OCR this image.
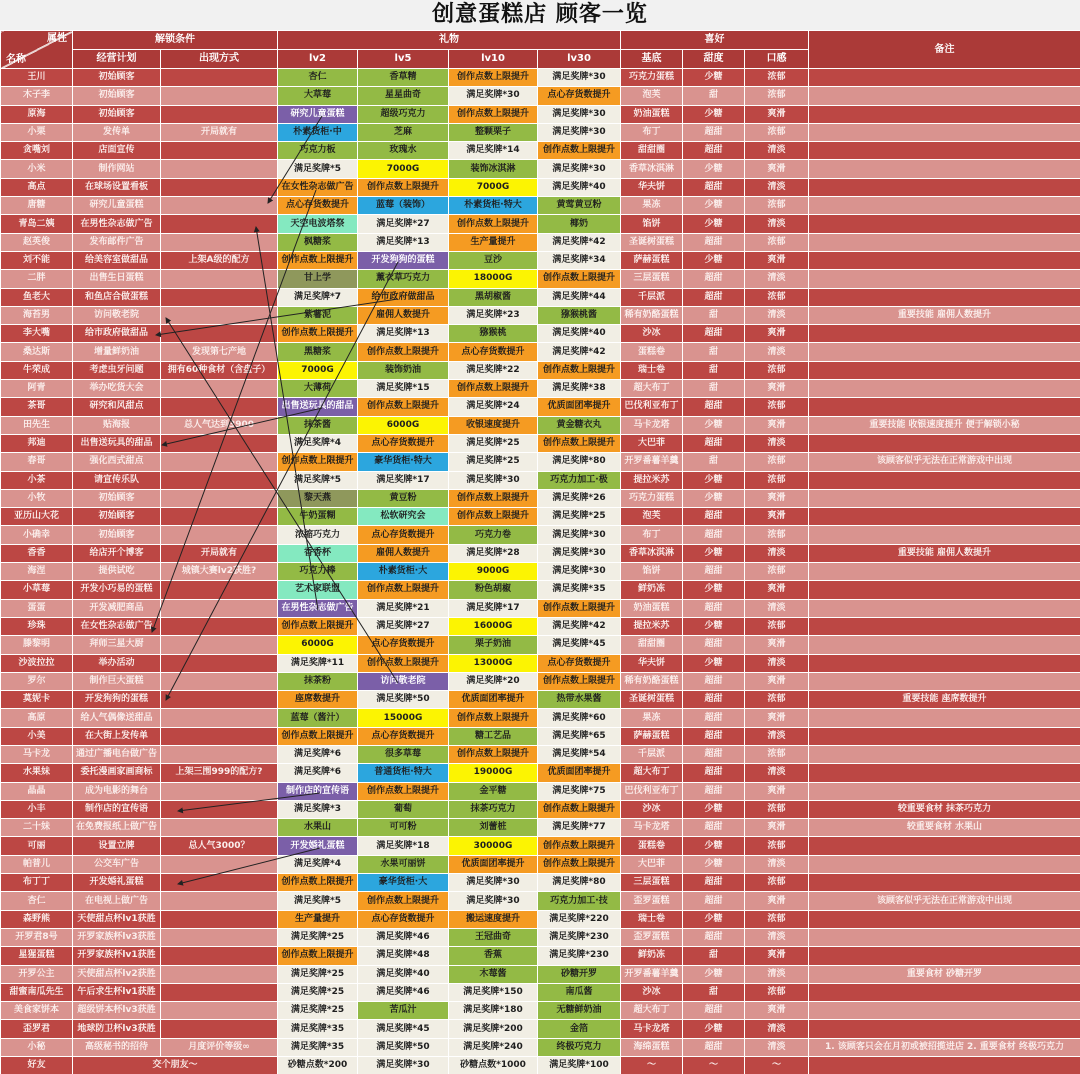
创意蛋糕店 顾客一览
属性
名称	解锁条件		礼物				喜好			备注
	经营计划	出现方式	lv2	lv5	lv10	lv30	基底	甜度	口感	
王川	初始顾客		杏仁	香草精	创作点数上限提升	满足奖牌*30	巧克力蛋糕	少糖	浓郁	
木子李	初始顾客		大草莓	星星曲奇	满足奖牌*30	点心存货数提升	泡芙	甜	浓郁	
原海	初始顾客		研究儿童蛋糕	超级巧克力	创作点数上限提升	满足奖牌*30	奶油蛋糕	少糖	爽滑	
小栗	发传单	开局就有	朴素货柜·中	芝麻	整颗栗子	满足奖牌*30	布丁	超甜	浓郁	
贪嘴刘	店面宣传		巧克力板	玫瑰水	满足奖牌*14	创作点数上限提升	甜甜圈	超甜	清淡	
小米	制作网站		满足奖牌*5	7000G	装饰冰淇淋	满足奖牌*30	香草冰淇淋	少糖	爽滑	
高点	在球场设置看板		在女性杂志做广告	创作点数上限提升	7000G	满足奖牌*40	华夫饼	超甜	清淡	
唐糖	研究儿童蛋糕		点心存货数提升	蓝莓（装饰）	朴素货柜·特大	黄莺黄豆粉	果冻	少糖	浓郁	
青岛二姨	在男性杂志做广告		天空电波塔祭	满足奖牌*27	创作点数上限提升	椰奶	馅饼	少糖	清淡	
赵英俊	发布邮件广告		枫糖浆	满足奖牌*13	生产量提升	满足奖牌*42	圣诞树蛋糕	超甜	浓郁	
刘不能	给美容室做甜品	上架A级的配方	创作点数上限提升	开发狗狗的蛋糕	豆沙	满足奖牌*34	萨赫蛋糕	少糖	爽滑	
二胖	出售生日蛋糕		甘上学	薰衣草巧克力	18000G	创作点数上限提升	三层蛋糕	超甜	清淡	
鱼老大	和鱼店合做蛋糕		满足奖牌*7	给市政府做甜品	黑胡椒酱	满足奖牌*44	千层派	超甜	浓郁	
海苔男	访问敬老院		紫薯泥	雇佣人数提升	满足奖牌*23	猕猴桃酱	稀有奶酪蛋糕	甜	清淡	重要技能 雇佣人数提升
李大嘴	给市政府做甜品		创作点数上限提升	满足奖牌*13	猕猴桃	满足奖牌*40	沙冰	超甜	爽滑	
桑达斯	增量鲜奶油	发现第七产地	黑糖浆	创作点数上限提升	点心存货数提升	满足奖牌*42	蛋糕卷	甜	清淡	
牛荣成	考虑虫牙问题	拥有60种食材（含盘子）	7000G	装饰奶油	满足奖牌*22	创作点数上限提升	瑞士卷	甜	浓郁	
阿青	举办吃货大会		大薄荷	满足奖牌*15	创作点数上限提升	满足奖牌*38	超大布丁	甜	爽滑	
茶哥	研究和风甜点		出售送玩具的甜品	创作点数上限提升	满足奖牌*24	优质面团率提升	巴伐利亚布丁	超甜	浓郁	
田先生	贴海报	总人气达到3900	抹茶酱	6000G	收银速度提升	黄金糖衣丸	马卡龙塔	少糖	爽滑	重要技能 收银速度提升 便于解锁小秘
邦迪	出售送玩具的甜品		满足奖牌*4	点心存货数提升	满足奖牌*25	创作点数上限提升	大巴菲	超甜	清淡	
春哥	强化西式甜点		创作点数上限提升	豪华货柜·特大	满足奖牌*25	满足奖牌*80	开罗番薯羊羹	甜	浓郁	该顾客似乎无法在正常游戏中出现
小茶	请宣传乐队		满足奖牌*5	满足奖牌*17	满足奖牌*30	巧克力加工·极	提拉米苏	少糖	浓郁	
小牧	初始顾客		黎天燕	黄豆粉	创作点数上限提升	满足奖牌*26	巧克力蛋糕	少糖	爽滑	
亚历山大花	初始顾客		牛奶蛋糊	松软研究会	创作点数上限提升	满足奖牌*25	泡芙	超甜	爽滑	
小确幸	初始顾客		浓缩巧克力	点心存货数提升	巧克力卷	满足奖牌*30	布丁	超甜	浓郁	
香香	给店开个博客	开局就有	香香杯	雇佣人数提升	满足奖牌*28	满足奖牌*30	香草冰淇淋	少糖	清淡	重要技能 雇佣人数提升
海涅	提供试吃	城镇大赛lv2获胜?	巧克力棒	朴素货柜·大	9000G	满足奖牌*30	馅饼	超甜	浓郁	
小草莓	开发小巧易的蛋糕		艺术家联盟	创作点数上限提升	粉色胡椒	满足奖牌*35	鲜奶冻	少糖	爽滑	
蛋蛋	开发减肥商品		在男性杂志做广告	满足奖牌*21	满足奖牌*17	创作点数上限提升	奶油蛋糕	超甜	清淡	
珍珠	在女性杂志做广告		创作点数上限提升	满足奖牌*27	16000G	满足奖牌*42	提拉米苏	少糖	浓郁	
滕黎明	拜师三星大厨		6000G	点心存货数提升	栗子奶油	满足奖牌*45	甜甜圈	超甜	爽滑	
沙波拉拉	举办活动		满足奖牌*11	创作点数上限提升	13000G	点心存货数提升	华夫饼	少糖	清淡	
罗尔	制作巨大蛋糕		抹茶粉	访问敬老院	满足奖牌*20	创作点数上限提升	稀有奶酪蛋糕	超甜	爽滑	
莫妮卡	开发狗狗的蛋糕		座席数提升	满足奖牌*50	优质面团率提升	热带水果酱	圣诞树蛋糕	超甜	浓郁	重要技能 座席数提升
高原	给人气偶像送甜品		蓝莓（酱汁）	15000G	创作点数上限提升	满足奖牌*60	果冻	超甜	爽滑	
小美	在大街上发传单		创作点数上限提升	点心存货数提升	糖工艺品	满足奖牌*65	萨赫蛋糕	超甜	清淡	
马卡龙	通过广播电台做广告		满足奖牌*6	很多草莓	创作点数上限提升	满足奖牌*54	千层派	超甜	浓郁	
水果妹	委托漫画家画商标	上架三围999的配方?	满足奖牌*6	普通货柜·特大	19000G	优质面团率提升	超大布丁	超甜	清淡	
晶晶	成为电影的舞台		制作店的宣传语	创作点数上限提升	金平糖	满足奖牌*75	巴伐利亚布丁	超甜	爽滑	
小丰	制作店的宣传语		满足奖牌*3	葡萄	抹茶巧克力	创作点数上限提升	沙冰	少糖	浓郁	较重要食材 抹茶巧克力
二十妹	在免费报纸上做广告		水果山	可可粉	刘蕾桩	满足奖牌*77	马卡龙塔	超甜	爽滑	较重要食材 水果山
可丽	设置立牌	总人气3000？	开发婚礼蛋糕	满足奖牌*18	30000G	创作点数上限提升	蛋糕卷	少糖	浓郁	
帕普儿	公交车广告		满足奖牌*4	水果可丽饼	优质面团率提升	创作点数上限提升	大巴菲	少糖	清淡	
布丁丁	开发婚礼蛋糕		创作点数上限提升	豪华货柜·大	满足奖牌*30	满足奖牌*80	三层蛋糕	超甜	浓郁	
杏仁	在电视上做广告		满足奖牌*5	创作点数上限提升	满足奖牌*30	巧克力加工·技	歪罗蛋糕	超甜	爽滑	该顾客似乎无法在正常游戏中出现
森野熊	天使甜点杯lv1获胜		生产量提升	点心存货数提升	搬运速度提升	满足奖牌*220	瑞士卷	少糖	浓郁	
开罗君8号	开罗家族杯lv3获胜		满足奖牌*25	满足奖牌*46	王冠曲奇	满足奖牌*230	歪罗蛋糕	超甜	清淡	
星猩蛋糕	开罗家族杯lv1获胜		创作点数上限提升	满足奖牌*48	香蕉	满足奖牌*230	鲜奶冻	甜	爽滑	
开罗公主	天使甜点杯lv2获胜		满足奖牌*25	满足奖牌*40	木莓酱	砂糖开罗	开罗番薯羊羹	少糖	清淡	重要食材 砂糖开罗
甜蜜南瓜先生	午后求生杯lv1获胜		满足奖牌*25	满足奖牌*46	满足奖牌*150	南瓜酱	沙冰	甜	浓郁	
美食家饼本	超级饼本杯lv3获胜		满足奖牌*25	苦瓜汁	满足奖牌*180	无糖鲜奶油	超大布丁	超甜	爽滑	
歪罗君	地球防卫杯lv3获胜		满足奖牌*35	满足奖牌*45	满足奖牌*200	金箔	马卡龙塔	少糖	清淡	
小秘	高级秘书的招待	月度评价等级∞	满足奖牌*35	满足奖牌*50	满足奖牌*240	终极巧克力	海绵蛋糕	超甜	清淡	1. 该顾客只会在月初或被招揽进店 2. 重要食材 终极巧克力
好友	交个朋友～		砂糖点数*200	满足奖牌*30	砂糖点数*1000	满足奖牌*100	～	～	～	
